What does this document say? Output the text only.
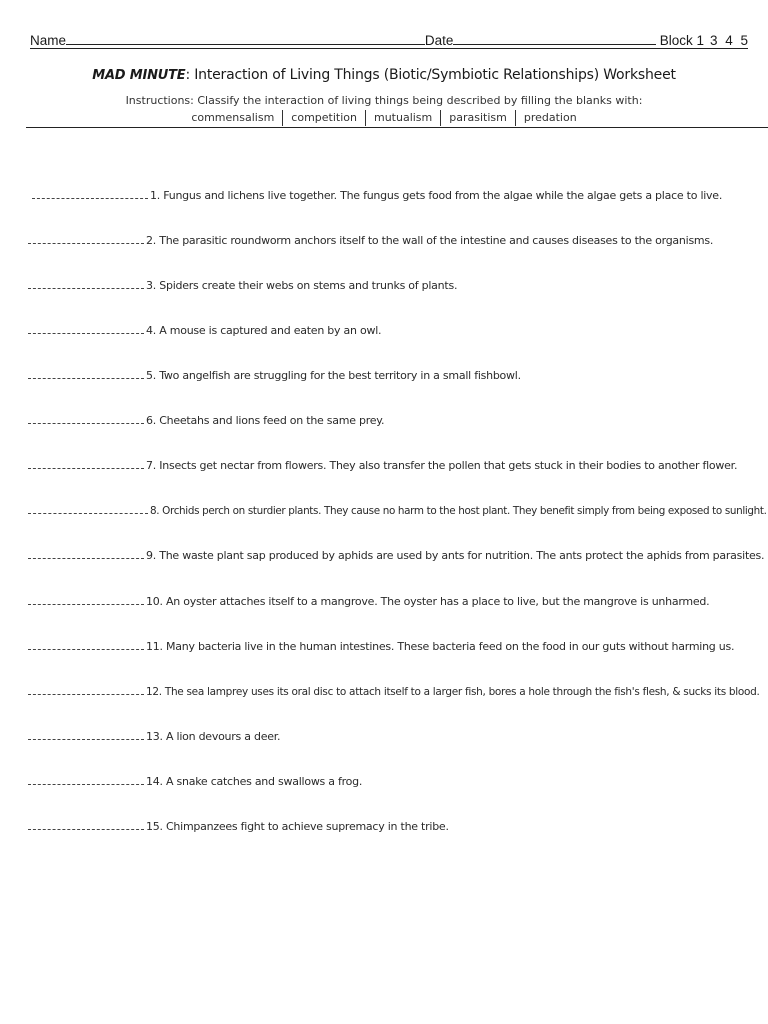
Name	Date	Block 1 3 4 5
MAD MINUTE: Interaction of Living Things (Biotic/Symbiotic Relationships) Worksheet
Instructions: Classify the interaction of living things being described by filling the blanks with:
commensalism	competition	mutualism	parasitism	predation
1. Fungus and lichens live together. The fungus gets food from the algae while the algae gets a place to live.
2. The parasitic roundworm anchors itself to the wall of the intestine and causes diseases to the organisms.
3. Spiders create their webs on stems and trunks of plants.
4. A mouse is captured and eaten by an owl.
5. Two angelfish are struggling for the best territory in a small fishbowl.
6. Cheetahs and lions feed on the same prey.
7. Insects get nectar from flowers. They also transfer the pollen that gets stuck in their bodies to another flower.
8. Orchids perch on sturdier plants. They cause no harm to the host plant. They benefit simply from being exposed to sunlight.
9. The waste plant sap produced by aphids are used by ants for nutrition. The ants protect the aphids from parasites.
10. An oyster attaches itself to a mangrove. The oyster has a place to live, but the mangrove is unharmed.
11. Many bacteria live in the human intestines. These bacteria feed on the food in our guts without harming us.
12. The sea lamprey uses its oral disc to attach itself to a larger fish, bores a hole through the fish's flesh, & sucks its blood.
13. A lion devours a deer.
14. A snake catches and swallows a frog.
15. Chimpanzees fight to achieve supremacy in the tribe.
